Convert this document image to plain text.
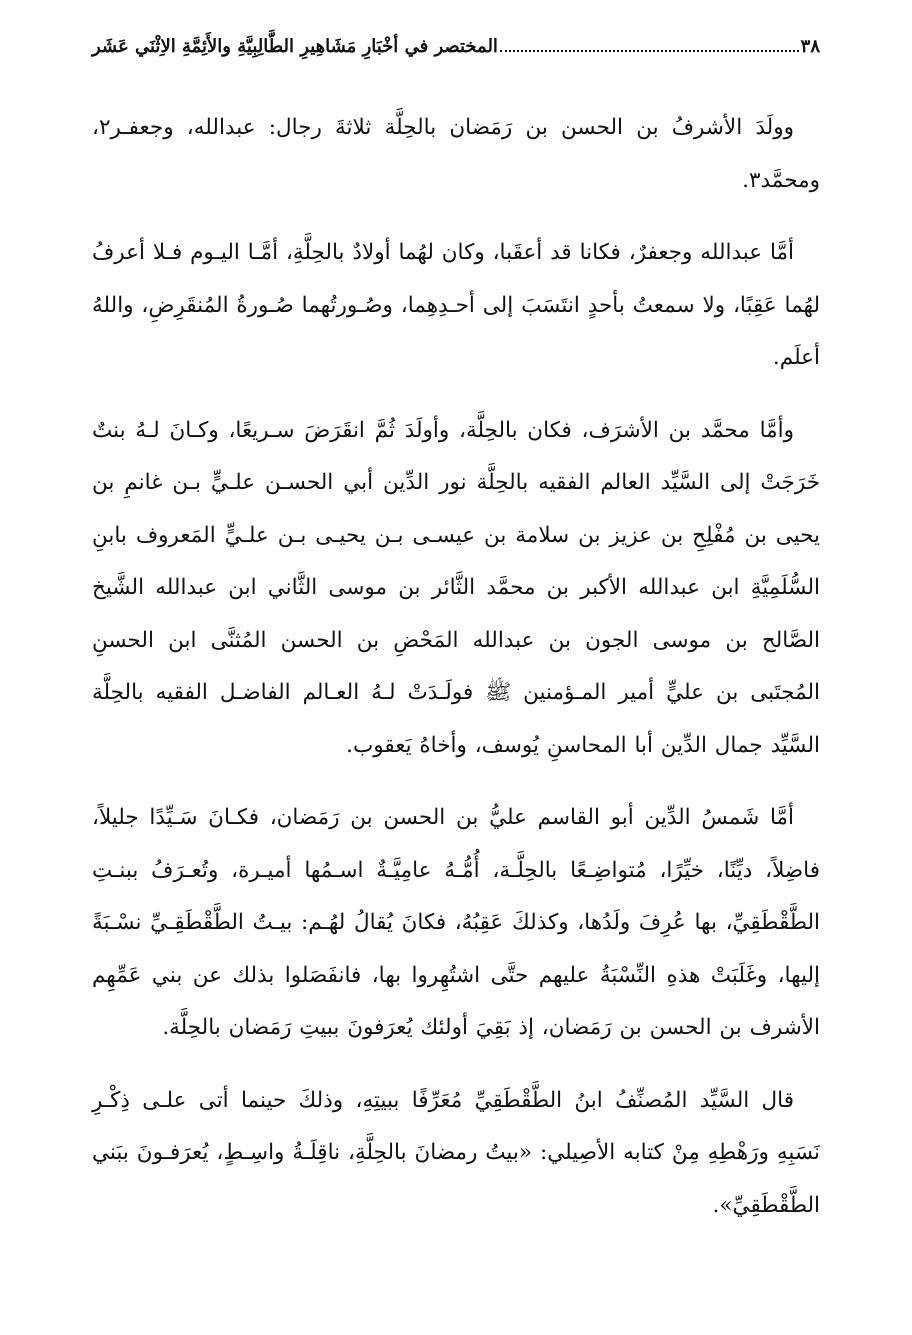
٣٨
المختصر في أخْبَارِ مَشَاهِيرِ الطَّالِبِيَّةِ والأَئِمَّةِ الاِثْنَي عَشَر

وولَدَ الأشرفُ بن الحسن بن رَمَضان بالحِلَّة ثلاثةَ رجال: عبدالله، وجعفـر٢، ومحمَّد٣.

أمَّا عبدالله وجعفرٌ، فكانا قد أعقَبا، وكان لهُما أولادٌ بالحِلَّةِ، أمَّـا اليـوم فـلا أعرفُ لهُما عَقِبًا، ولا سمعتُ بأحدٍ انتَسَبَ إلى أحـدِهِما، وصُـورتُهما صُـورةُ المُنقَرِضِ، واللهُ أعلَم.

وأمَّا محمَّد بن الأشرَف، فكان بالحِلَّة، وأولَدَ ثُمَّ انقَرَضَ سـريعًا، وكـانَ لـهُ بنتٌ خَرَجَتْ إلى السَّيِّد العالم الفقيه بالحِلَّة نور الدِّين أبي الحسـن علـيٍّ بـن غانمِ بن يحيى بن مُفْلِحِ بن عزيز بن سلامة بن عيسـى بـن يحيـى بـن علـيٍّ المَعروف بابنِ السُّلَمِيَّةِ ابن عبدالله الأكبر بن محمَّد الثَّائر بن موسى الثَّاني ابن عبدالله الشَّيخ الصَّالح بن موسى الجون بن عبدالله المَحْضِ بن الحسن المُثنَّى ابن الحسنِ المُجتَبى بن عليٍّ أمير المـؤمنين ﷺ فولَـدَتْ لـهُ العـالم الفاضـل الفقيه بالحِلَّة السَّيِّد جمال الدِّين أبا المحاسنِ يُوسف، وأخاهُ يَعقوب.

أمَّا شَمسُ الدِّين أبو القاسم عليُّ بن الحسن بن رَمَضان، فكـانَ سَـيِّدًا جليلاً، فاضِلاً، ديِّنًا، خيِّرًا، مُتواضِـعًا بالحِلَّـة، أُمُّـهُ عامِيَّـةٌ اسـمُها أميـرة، وتُعـرَفُ ببنـتِ الطَّقْطَقِيِّ، بها عُرِفَ ولَدُها، وكذلكَ عَقِبُهُ، فكانَ يُقالُ لهُـم: بيـتُ الطَّقْطَقِـيِّ نسْـبَةً إليها، وغَلَبَتْ هذهِ النِّسْبَةُ عليهم حتَّى اشتُهِروا بها، فانفَصَلوا بذلك عن بني عَمِّهِم الأشرف بن الحسن بن رَمَضان، إذ بَقِيَ أولئك يُعرَفونَ ببيتِ رَمَضان بالحِلَّة.

قال السَّيِّد المُصنِّفُ ابنُ الطَّقْطَقِيِّ مُعَرِّفًا ببيتِهِ، وذلكَ حينما أتى علـى ذِكْـرِ نَسَبِهِ ورَهْطِهِ مِنْ كتابه الأصِيلي: «بيتُ رمضانَ بالحِلَّةِ، ناقِلَـةُ واسِـطٍ، يُعرَفـونَ ببَني الطَّقْطَقِيِّ».
